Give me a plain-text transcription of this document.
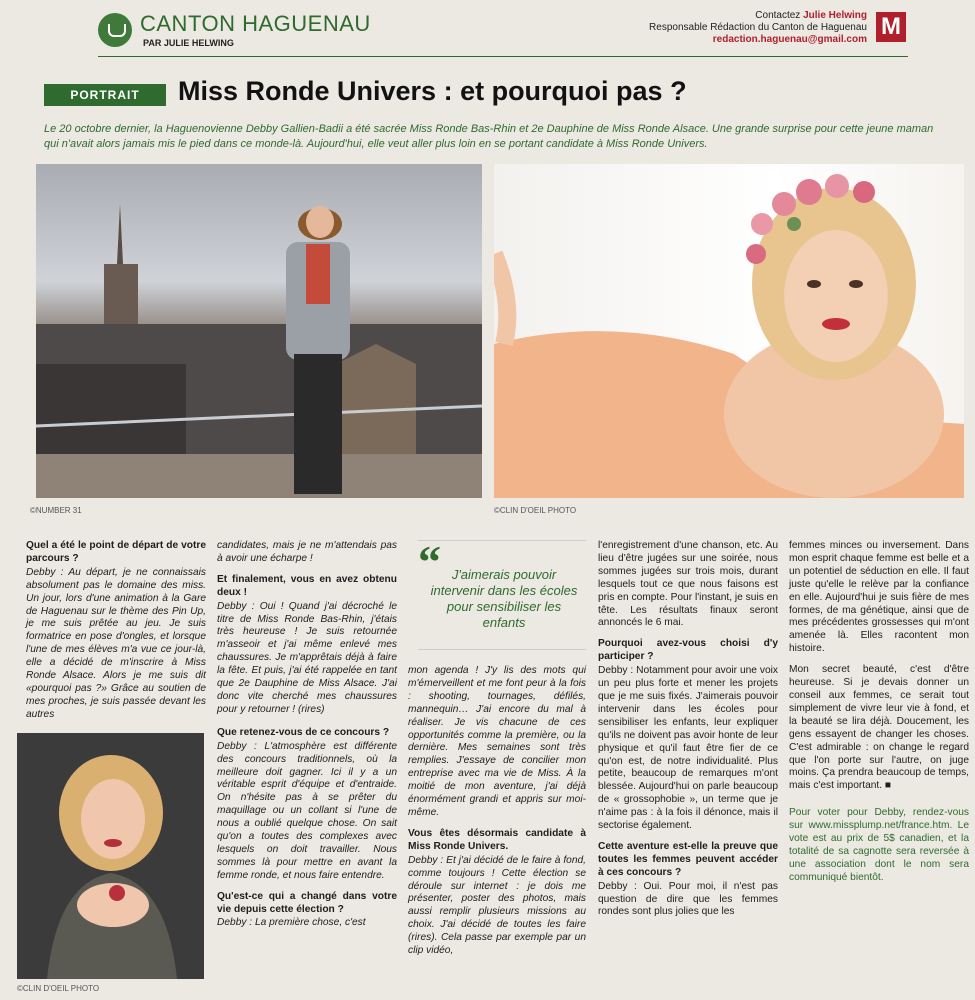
CANTON HAGUENAU
PAR JULIE HELWING
Contactez Julie Helwing
Responsable Rédaction du Canton de Haguenau
redaction.haguenau@gmail.com M
PORTRAIT	Miss Ronde Univers : et pourquoi pas ?
Le 20 octobre dernier, la Haguenovienne Debby Gallien-Badii a été sacrée Miss Ronde Bas-Rhin et 2e Dauphine de Miss Ronde Alsace. Une grande surprise pour cette jeune maman qui n'avait alors jamais mis le pied dans ce monde-là. Aujourd'hui, elle veut aller plus loin en se portant candidate à Miss Ronde Univers.
©NUMBER 31	©CLIN D'OEIL PHOTO
©CLIN D'OEIL PHOTO
Quel a été le point de départ de votre parcours ?
Debby : Au départ, je ne connaissais absolument pas le domaine des miss. Un jour, lors d'une animation à la Gare de Haguenau sur le thème des Pin Up, je me suis prêtée au jeu. Je suis formatrice en pose d'ongles, et lorsque l'une de mes élèves m'a vue ce jour-là, elle a décidé de m'inscrire à Miss Ronde Alsace. Alors je me suis dit «pourquoi pas ?» Grâce au soutien de mes proches, je suis passée devant les autres

candidates, mais je ne m'attendais pas à avoir une écharpe !

Et finalement, vous en avez obtenu deux !

Debby : Oui ! Quand j'ai décroché le titre de Miss Ronde Bas-Rhin, j'étais très heureuse ! Je suis retournée m'asseoir et j'ai même enlevé mes chaussures. Je m'apprêtais déjà à faire la fête. Et puis, j'ai été rappelée en tant que 2e Dauphine de Miss Alsace. J'ai donc vite cherché mes chaussures pour y retourner ! (rires)

Que retenez-vous de ce concours ?

Debby : L'atmosphère est différente des concours traditionnels, où la meilleure doit gagner. Ici il y a un véritable esprit d'équipe et d'entraide. On n'hésite pas à se prêter du maquillage ou un collant si l'une de nous a oublié quelque chose. On sait qu'on a toutes des complexes avec lesquels on doit travailler. Nous sommes là pour mettre en avant la femme ronde, et nous faire entendre.

Qu'est-ce qui a changé dans votre vie depuis cette élection ?
Debby : La première chose, c'est
“ J'aimerais pouvoir intervenir dans les écoles pour sensibiliser les enfants

mon agenda ! J'y lis des mots qui m'émerveillent et me font peur à la fois : shooting, tournages, défilés, mannequin… J'ai encore du mal à réaliser. Je vis chacune de ces opportunités comme la première, ou la dernière. Mes semaines sont très remplies. J'essaye de concilier mon entreprise avec ma vie de Miss. À la moitié de mon aventure, j'ai déjà énormément grandi et appris sur moi-même.

Vous êtes désormais candidate à Miss Ronde Univers.
Debby : Et j'ai décidé de le faire à fond, comme toujours ! Cette élection se déroule sur internet : je dois me présenter, poster des photos, mais aussi remplir plusieurs missions au choix. J'ai décidé de toutes les faire (rires). Cela passe par exemple par un clip vidéo,

l'enregistrement d'une chanson, etc. Au lieu d'être jugées sur une soirée, nous sommes jugées sur trois mois, durant lesquels tout ce que nous faisons est pris en compte. Pour l'instant, je suis en tête. Les résultats finaux seront annoncés le 6 mai.

Pourquoi avez-vous choisi d'y participer ?

Debby : Notamment pour avoir une voix un peu plus forte et mener les projets que je me suis fixés. J'aimerais pouvoir intervenir dans les écoles pour sensibiliser les enfants, leur expliquer qu'ils ne doivent pas avoir honte de leur physique et qu'il faut être fier de ce qu'on est, de notre individualité. Plus petite, beaucoup de remarques m'ont blessée. Aujourd'hui on parle beaucoup de « grossophobie », un terme que je n'aime pas : à la fois il dénonce, mais il sectorise également.

Cette aventure est-elle la preuve que toutes les femmes peuvent accéder à ces concours ?
Debby : Oui. Pour moi, il n'est pas question de dire que les femmes rondes sont plus jolies que les

femmes minces ou inversement. Dans mon esprit chaque femme est belle et a un potentiel de séduction en elle. Il faut juste qu'elle le relève par la confiance en elle. Aujourd'hui je suis fière de mes formes, de ma génétique, ainsi que de mes précédentes grossesses qui m'ont amenée là. Elles racontent mon histoire.

Mon secret beauté, c'est d'être heureuse. Si je devais donner un conseil aux femmes, ce serait tout simplement de vivre leur vie à fond, et la beauté se lira déjà. Doucement, les gens essayent de changer les choses. C'est admirable : on change le regard que l'on porte sur l'autre, on juge moins. Ça prendra beaucoup de temps, mais c'est important. ■

Pour voter pour Debby, rendez-vous sur www.missplump.net/france.htm. Le vote est au prix de 5$ canadien, et la totalité de sa cagnotte sera reversée à une association dont le nom sera communiqué bientôt.
